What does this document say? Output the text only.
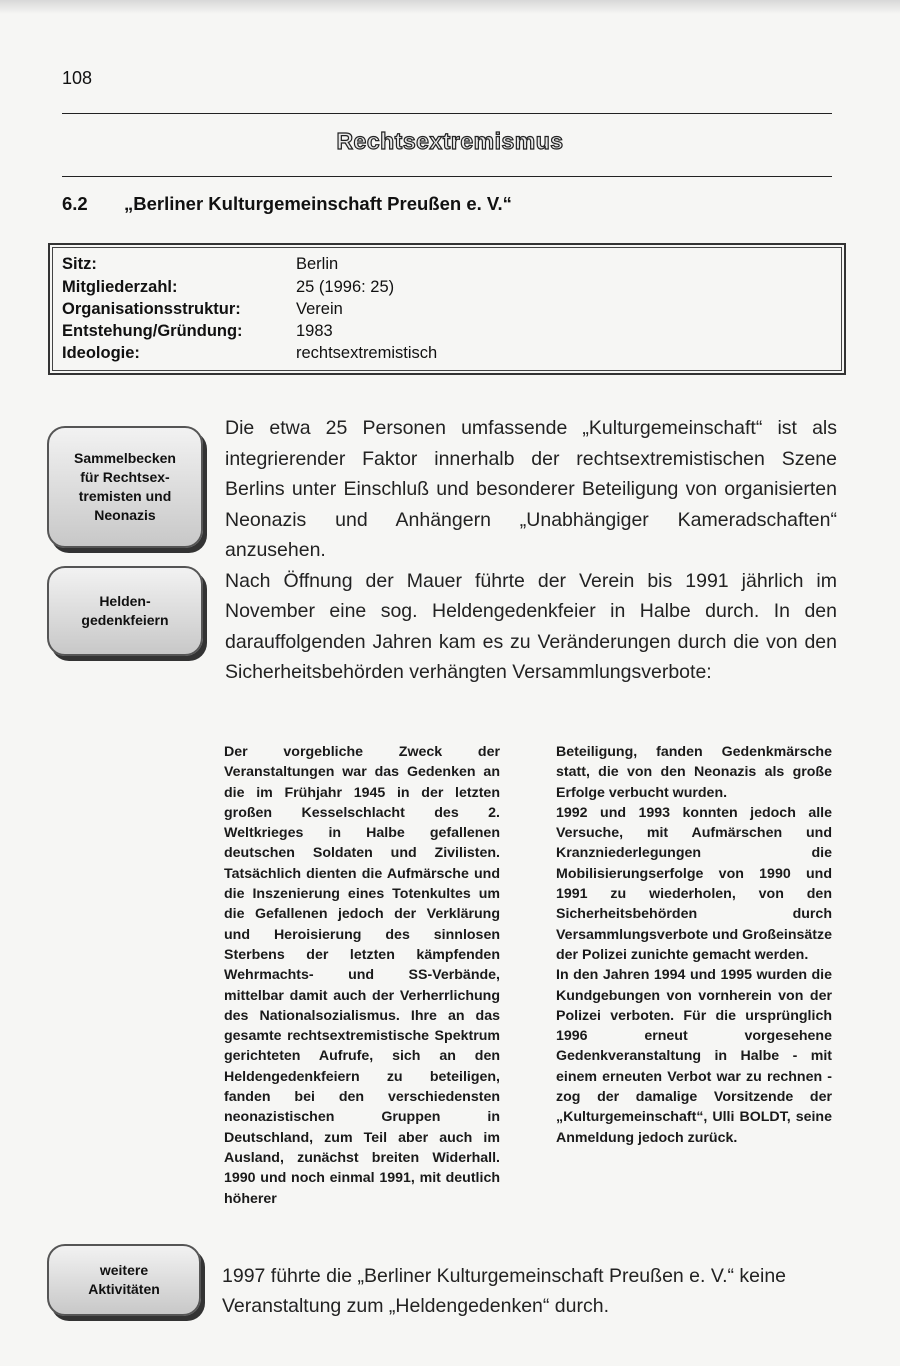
108
Rechtsextremismus
6.2 „Berliner Kulturgemeinschaft Preußen e. V.“
Sitz:	Berlin
Mitgliederzahl:	25 (1996: 25)
Organisationsstruktur:	Verein
Entstehung/Gründung:	1983
Ideologie:	rechtsextremistisch
Sammelbecken
für Rechtsex-
tremisten und
Neonazis
Helden-
gedenkfeiern
weitere
Aktivitäten

Die etwa 25 Personen umfassende „Kulturgemeinschaft“ ist als integrierender Faktor innerhalb der rechtsextremistischen Szene Berlins unter Einschluß und besonderer Beteiligung von organisierten Neonazis und Anhängern „Unabhängiger Kameradschaften“ anzusehen.

Nach Öffnung der Mauer führte der Verein bis 1991 jährlich im November eine sog. Heldengedenkfeier in Halbe durch. In den darauffolgenden Jahren kam es zu Veränderungen durch die von den Sicherheitsbehörden verhängten Versammlungsverbote:

Der vorgebliche Zweck der Veranstaltungen war das Gedenken an die im Frühjahr 1945 in der letzten großen Kesselschlacht des 2. Weltkrieges in Halbe gefallenen deutschen Soldaten und Zivilisten. Tatsächlich dienten die Aufmärsche und die Inszenierung eines Totenkultes um die Gefallenen jedoch der Verklärung und Heroisierung des sinnlosen Sterbens der letzten kämpfenden Wehrmachts- und SS-Verbände, mittelbar damit auch der Verherrlichung des Nationalsozialismus. Ihre an das gesamte rechtsextremistische Spektrum gerichteten Aufrufe, sich an den Heldengedenkfeiern zu beteiligen, fanden bei den verschiedensten neonazistischen Gruppen in Deutschland, zum Teil aber auch im Ausland, zunächst breiten Widerhall. 1990 und noch einmal 1991, mit deutlich höherer

Beteiligung, fanden Gedenkmärsche statt, die von den Neonazis als große Erfolge verbucht wurden.

1992 und 1993 konnten jedoch alle Versuche, mit Aufmärschen und Kranzniederlegungen die Mobilisierungserfolge von 1990 und 1991 zu wiederholen, von den Sicherheitsbehörden durch Versammlungsverbote und Großeinsätze der Polizei zunichte gemacht werden.

In den Jahren 1994 und 1995 wurden die Kundgebungen von vornherein von der Polizei verboten. Für die ursprünglich 1996 erneut vorgesehene Gedenkveranstaltung in Halbe - mit einem erneuten Verbot war zu rechnen - zog der damalige Vorsitzende der „Kulturgemeinschaft“, Ulli BOLDT, seine Anmeldung jedoch zurück.

1997 führte die „Berliner Kulturgemeinschaft Preußen e. V.“ keine Veranstaltung zum „Heldengedenken“ durch.
